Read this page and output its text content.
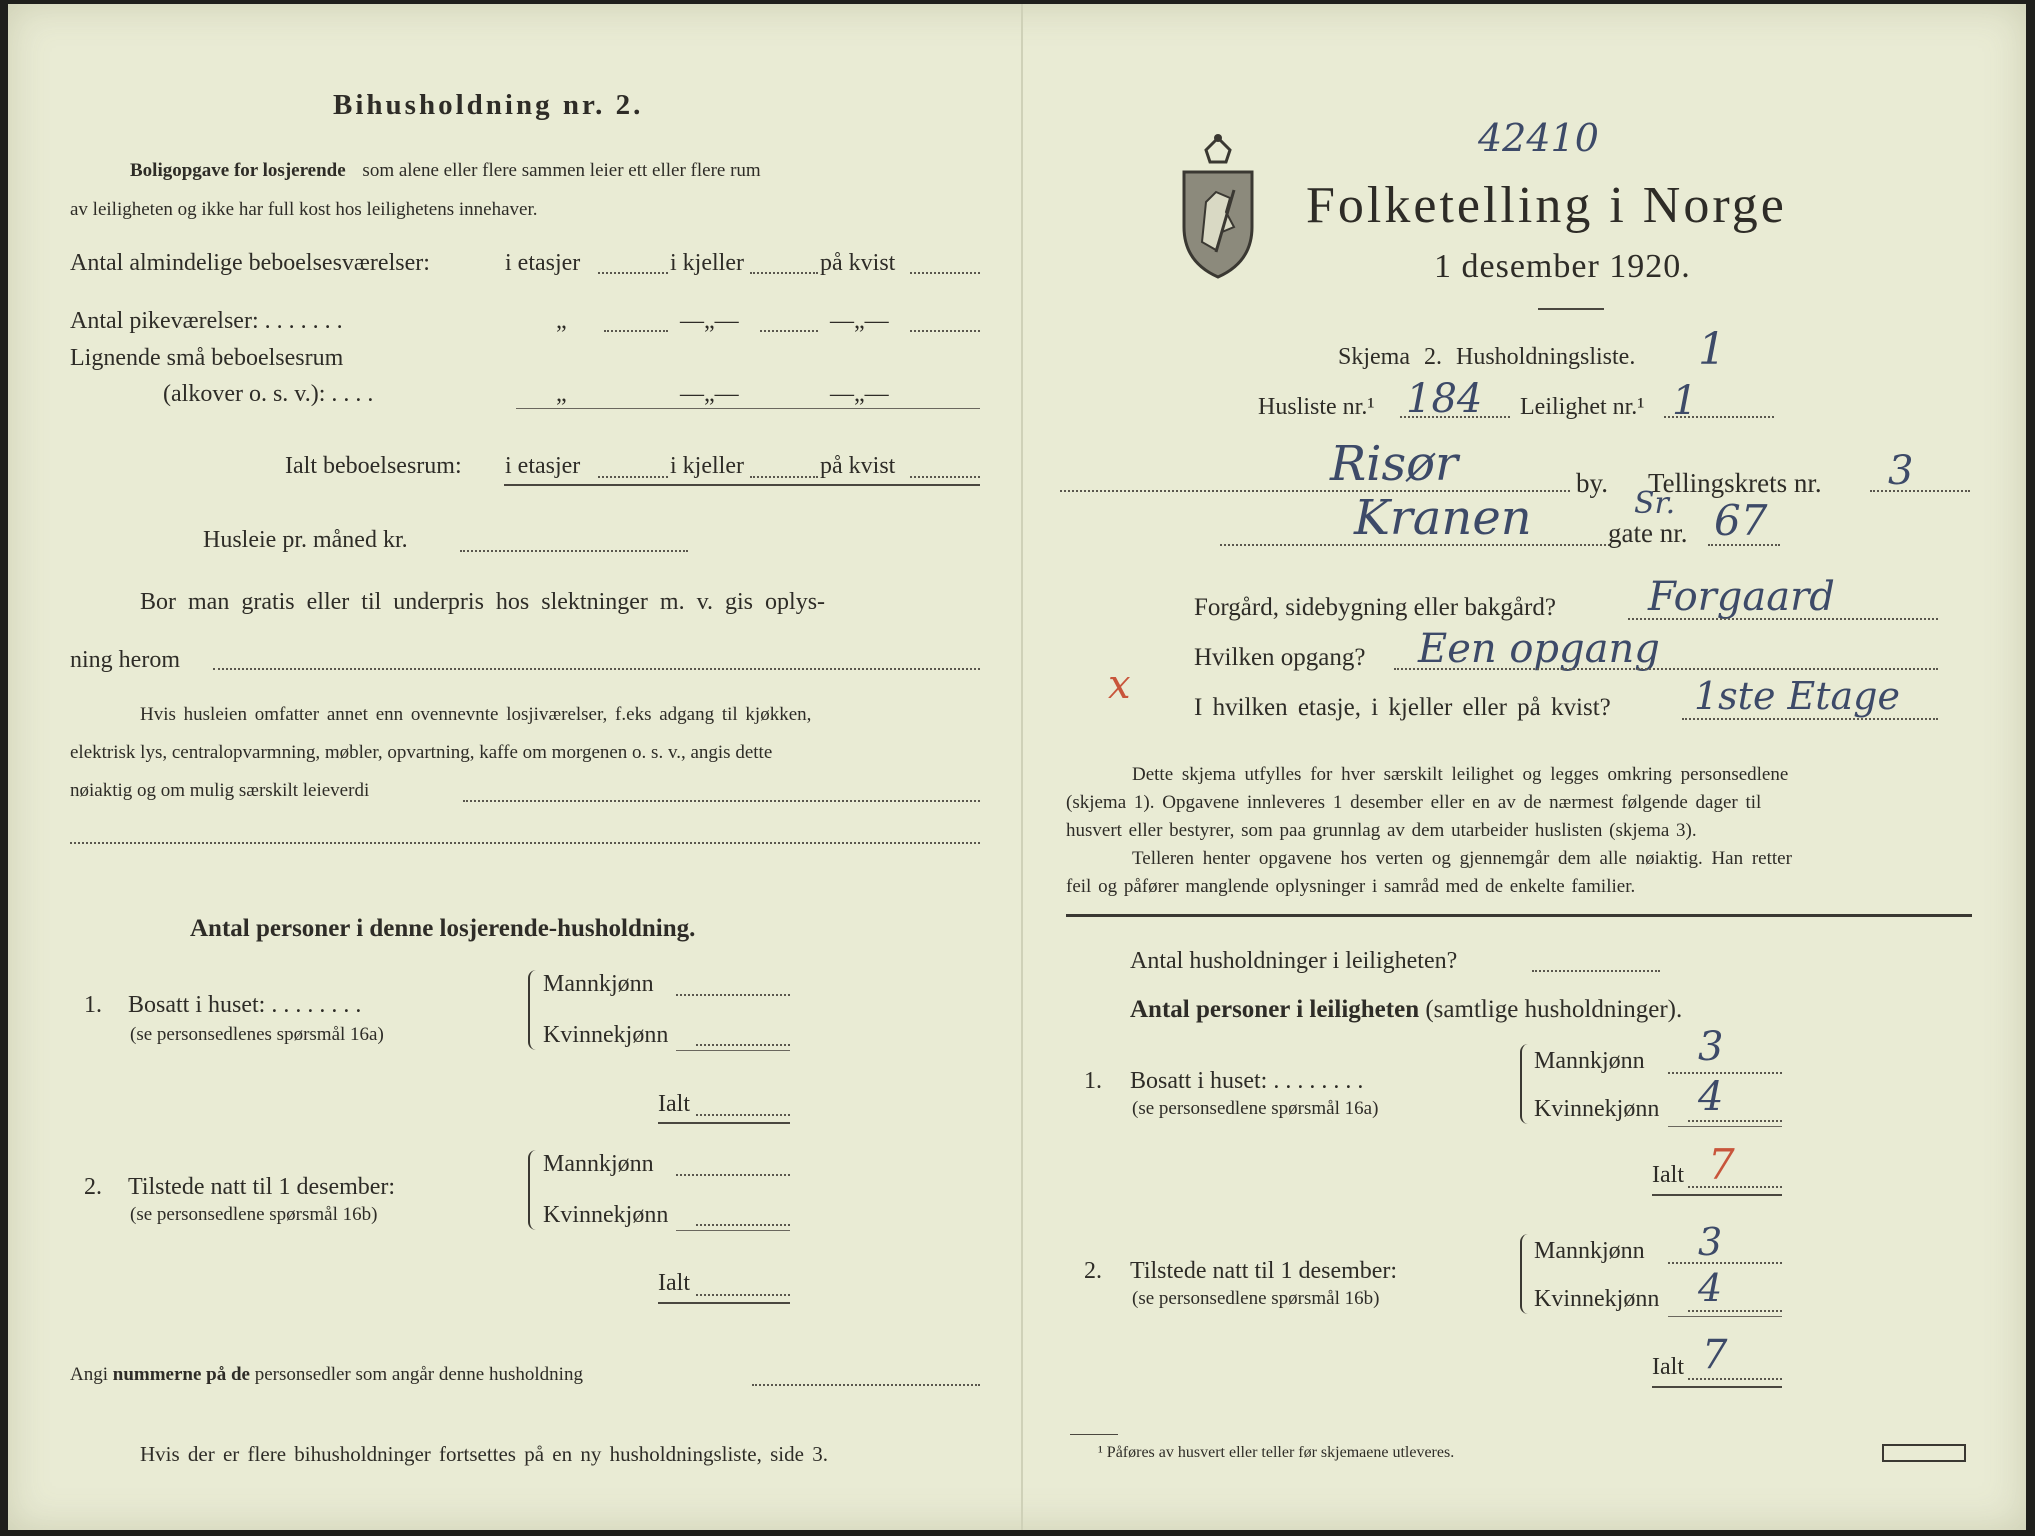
Bihusholdning nr. 2.
Boligopgave for losjerende som alene eller flere sammen leier ett eller flere rum
av leiligheten og ikke har full kost hos leilighetens innehaver.
Antal almindelige beboelsesværelser:	i etasjer	i kjeller	på kvist
Antal pikeværelser: . . . . . . .	„	—„—	—„—
Lignende små beboelsesrum
(alkover o. s. v.): . . . .	„	—„—	—„—
Ialt beboelsesrum: i etasjer	i kjeller	på kvist
Husleie pr. måned kr.
Bor man gratis eller til underpris hos slektninger m. v. gis oplys-
ning herom
Hvis husleien omfatter annet enn ovennevnte losjiværelser, f.eks adgang til kjøkken,
elektrisk lys, centralopvarmning, møbler, opvartning, kaffe om morgenen o. s. v., angis dette
nøiaktig og om mulig særskilt leieverdi
Antal personer i denne losjerende-husholdning.
1. Bosatt i huset: . . . . . . . .
(se personsedlenes spørsmål 16a)
Mannkjønn
Kvinnekjønn
Ialt
2. Tilstede natt til 1 desember:
(se personsedlene spørsmål 16b)
Mannkjønn
Kvinnekjønn
Ialt
Angi nummerne på de personsedler som angår denne husholdning
Hvis der er flere bihusholdninger fortsettes på en ny husholdningsliste, side 3.
42410
Folketelling i Norge
1 desember 1920.
Skjema 2. Husholdningsliste. 1
Husliste nr.¹ 184 Leilighet nr.¹ 1
Risør	by. Tellingskrets nr. 3
Kranen	Sr.
gate nr. 67
Forgård, sidebygning eller bakgård? Forgaard
Hvilken opgang? Een opgang
x	I hvilken etasje, i kjeller eller på kvist? 1ste Etage
Dette skjema utfylles for hver særskilt leilighet og legges omkring personsedlene
(skjema 1). Opgavene innleveres 1 desember eller en av de nærmest følgende dager til
husvert eller bestyrer, som paa grunnlag av dem utarbeider huslisten (skjema 3).
Telleren henter opgavene hos verten og gjennemgår dem alle nøiaktig. Han retter
feil og påfører manglende oplysninger i samråd med de enkelte familier.
Antal husholdninger i leiligheten?
Antal personer i leiligheten (samtlige husholdninger).
1. Bosatt i huset: . . . . . . . .
(se personsedlene spørsmål 16a)
Mannkjønn 3
Kvinnekjønn 4
Ialt 7
2. Tilstede natt til 1 desember:
(se personsedlene spørsmål 16b)
Mannkjønn 3
Kvinnekjønn 4
Ialt 7
¹ Påføres av husvert eller teller før skjemaene utleveres.
